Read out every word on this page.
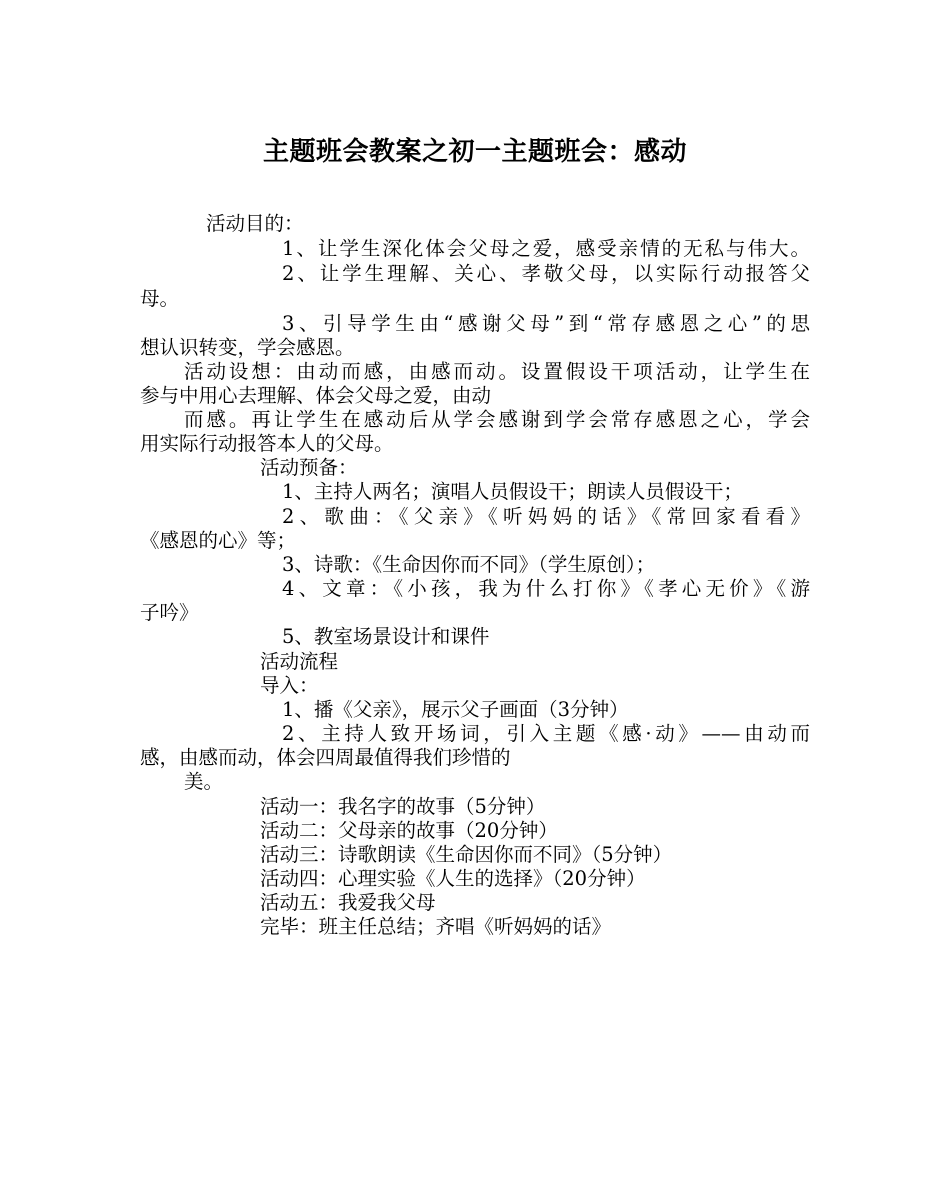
主题班会教案之初一主题班会：感动
活动目的：
1、让学生深化体会父母之爱，感受亲情的无私与伟大。
2、让学生理解、关心、孝敬父母，以实际行动报答父
母。
3、引导学生由“感谢父母”到“常存感恩之心”的思
想认识转变，学会感恩。
活动设想：由动而感，由感而动。设置假设干项活动，让学生在
参与中用心去理解、体会父母之爱，由动
而感。再让学生在感动后从学会感谢到学会常存感恩之心，学会
用实际行动报答本人的父母。
活动预备：
1、主持人两名；演唱人员假设干；朗读人员假设干；
2、歌曲：《父亲》《听妈妈的话》《常回家看看》
《感恩的心》等；
3、诗歌：《生命因你而不同》（学生原创）；
4、文章：《小孩，我为什么打你》《孝心无价》《游
子吟》
5、教室场景设计和课件
活动流程
导入：
1、播《父亲》，展示父子画面（3分钟）
2、主持人致开场词，引入主题《感·动》——由动而
感，由感而动，体会四周最值得我们珍惜的
美。
活动一：我名字的故事（5分钟）
活动二：父母亲的故事（20分钟）
活动三：诗歌朗读《生命因你而不同》（5分钟）
活动四：心理实验《人生的选择》（20分钟）
活动五：我爱我父母
完毕：班主任总结；齐唱《听妈妈的话》
